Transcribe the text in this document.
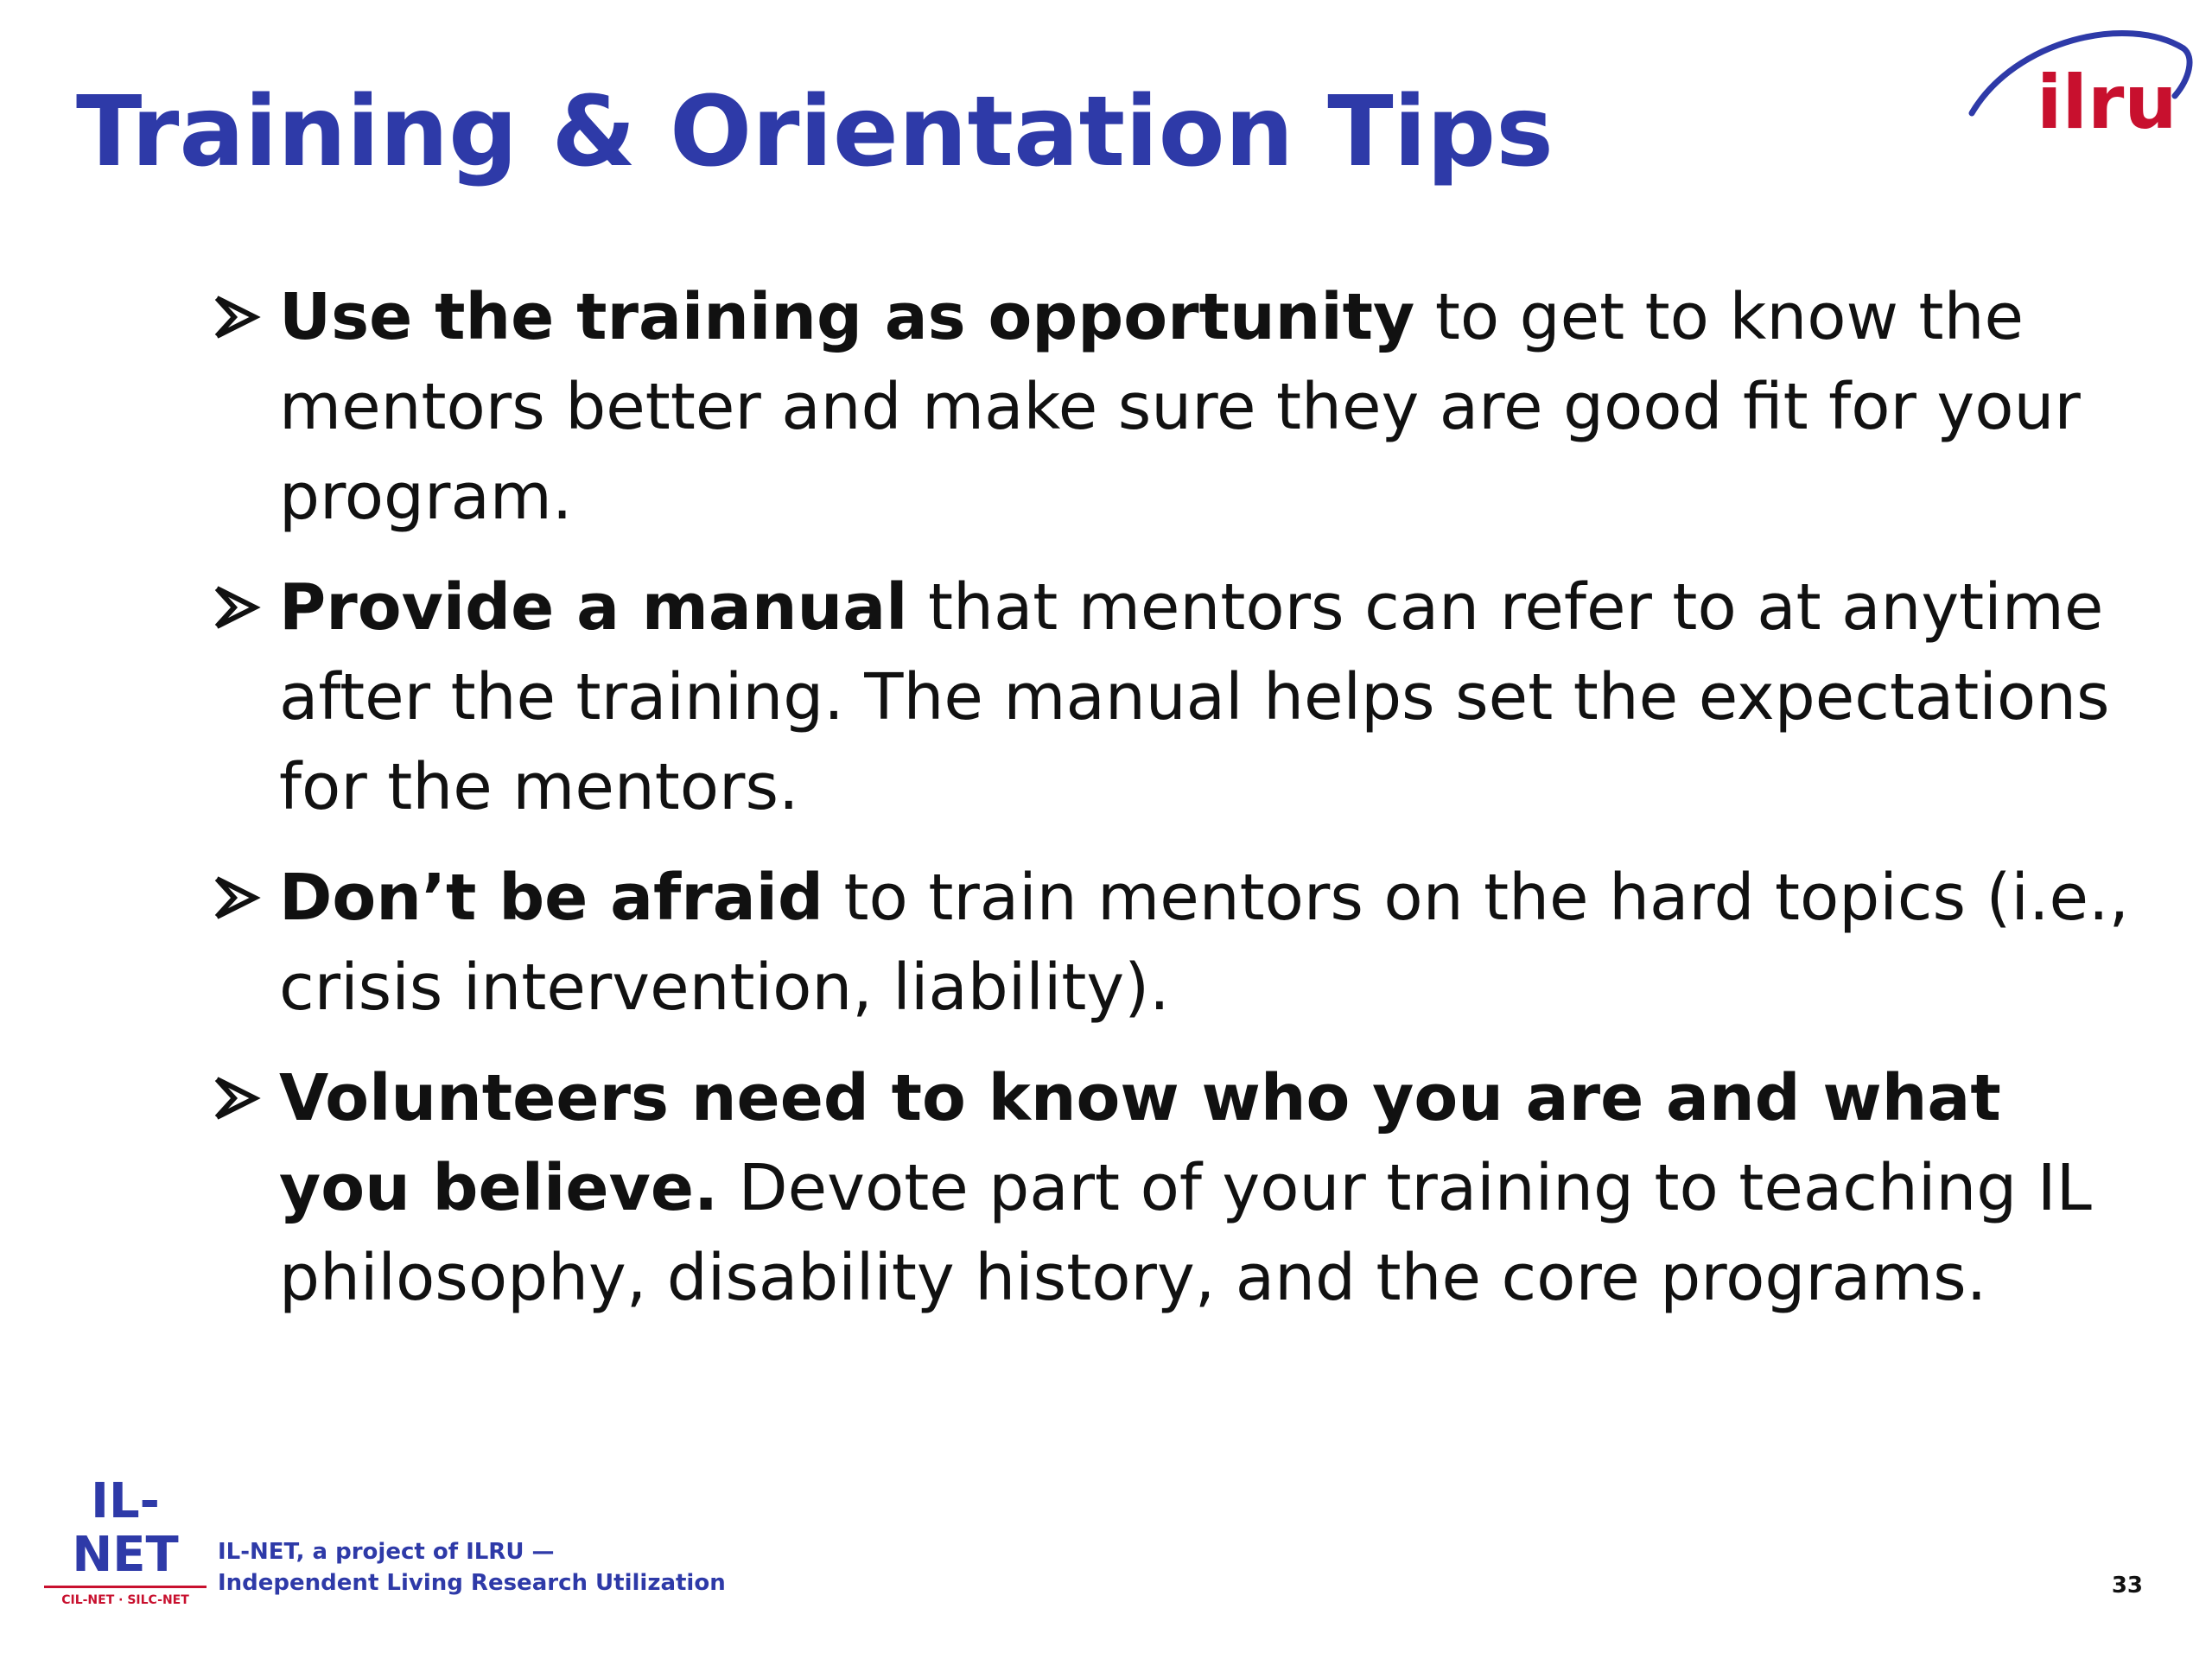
Training & Orientation Tips	ilru
Use the training as opportunity to get to know the mentors better and make sure they are good fit for your program.
Provide a manual that mentors can refer to at anytime after the training. The manual helps set the expectations for the mentors.
Don’t be afraid to train mentors on the hard topics (i.e., crisis intervention, liability).
Volunteers need to know who you are and what you believe. Devote part of your training to teaching IL philosophy, disability history, and the core programs.
IL-NET
CIL-NET · SILC-NET
IL-NET, a project of ILRU —
Independent Living Research Utilization	33
